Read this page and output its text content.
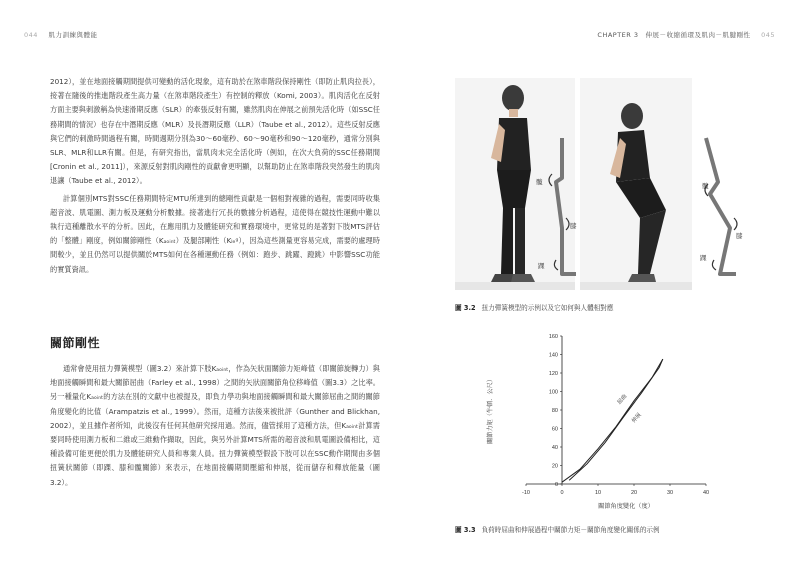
044 肌力訓練與體能	CHAPTER 3　伸展－收縮循環及肌肉－肌腱剛性 045

2012），並在地面接觸期間提供可變動的活化現象，這有助於在煞車階段保持剛性（即防止肌肉拉長），接著在隨後的推進階段產生高力量（在煞車階段產生）有控制的釋放（Komi, 2003）。肌肉活化在反射方面主要與刺激稱為快速滑期反應（SLR）的牽張反射有關，雖然肌肉在伸展之前預先活化時（如SSC任務期間的情況）也存在中潛期反應（MLR）及長潛期反應（LLR）（Taube et al., 2012）。這些反射反應與它們的刺激時間過程有關，時間週期分別為30～60毫秒、60～90毫秒和90～120毫秒，通常分別與SLR、MLR和LLR有關。但是，有研究指出，當肌肉未完全活化時（例如，在次大負荷的SSC任務期間[Cronin et al., 2011]），來源反射對肌肉剛性的貢獻會更明顯，以幫助防止在煞車階段突然發生的肌肉退讓（Taube et al., 2012）。

計算個別MTS對SSC任務期間特定MTU所達到的總剛性貢獻是一個相對複雜的過程，需要同時收集超音波、肌電圖、測力板及運動分析數據。接著進行冗長的數據分析過程，這使得在競技性運動中難以執行這種離散水平的分析。因此，在應用肌力及體能研究和實務環境中，更常見的是著對下肢MTS評估的「整體」剛度，例如關節剛性（Kₐₒᵢₙₜ）及腿部剛性（Kₗₑᵍ），因為這些測量更容易完成，需要的處理時間較少，並且仍然可以提供關於MTS如何在各種運動任務（例如：跑步、跳躍、蹬跳）中影響SSC功能的實質資訊。

關節剛性

通常會使用扭力彈簧模型（圖3.2）來計算下肢Kₐₒᵢₙₜ，作為矢狀面關節力矩峰值（即關節旋轉力）與地面接觸瞬間和最大關節屈曲（Farley et al., 1998）之間的矢狀面關節角位移峰值（圖3.3）之比率。另一種量化Kₐₒᵢₙₜ的方法在別的文獻中也被提及，即負力學功與地面接觸瞬間和最大關節屈曲之間的關節角度變化的比值（Arampatzis et al., 1999）。然而，這種方法後來被批評（Gunther and Blickhan, 2002），並且據作者所知，此後沒有任何其他研究採用過。然而，儘管採用了這種方法，但Kₐₒᵢₙₜ計算需要同時使用測力板和二維或三維動作擷取，因此，與另外計算MTS所需的超音波和肌電圖設備相比，這種設備可能更便於肌力及體能研究人員和專業人員。扭力彈簧模型假設下肢可以在SSC動作期間由多個扭簧狀關節（即踝、膝和髖關節）來表示，在地面接觸期間壓縮和伸展，從而儲存和釋放能量（圖3.2）。

髖
膝
踝
髖
膝
踝
圖 3.2 扭力彈簧模型的示例以及它如何與人體相對應
0
20
40
60
80
100
120
140
160
-10	0	10	20	30	40
屈曲
伸展
關節角度變化（度）
關節力矩（牛頓．公尺）
圖 3.3 負荷時屈曲和伸展過程中關節力矩－關節角度變化關係的示例
